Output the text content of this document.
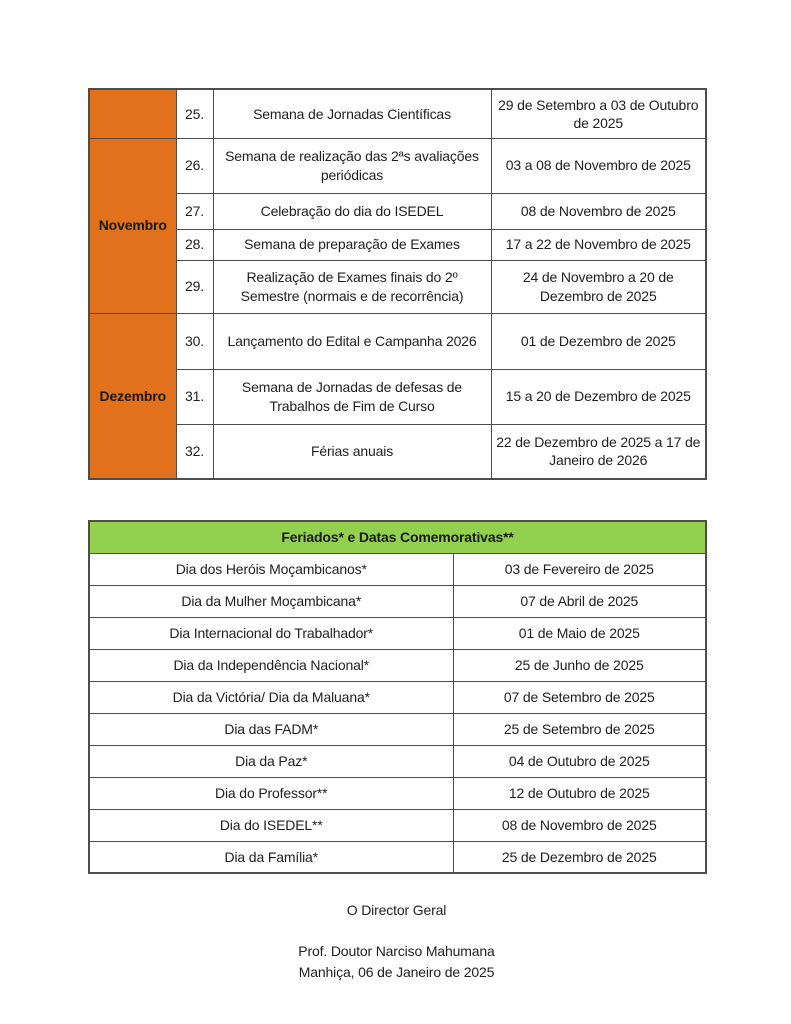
	25.	Semana de Jornadas Científicas	29 de Setembro a 03 de Outubro de 2025
Novembro	26.	Semana de realização das 2ªs avaliações periódicas	03 a 08 de Novembro de 2025
	27.	Celebração do dia do ISEDEL	08 de Novembro de 2025
	28.	Semana de preparação de Exames	17 a 22 de Novembro de 2025
	29.	Realização de Exames finais do 2º Semestre (normais e de recorrência)	24 de Novembro a 20 de Dezembro de 2025
Dezembro	30.	Lançamento do Edital e Campanha 2026	01 de Dezembro de 2025
	31.	Semana de Jornadas de defesas de Trabalhos de Fim de Curso	15 a 20 de Dezembro de 2025
	32.	Férias anuais	22 de Dezembro de 2025 a 17 de Janeiro de 2026
Feriados* e Datas Comemorativas**	
Dia dos Heróis Moçambicanos*	03 de Fevereiro de 2025
Dia da Mulher Moçambicana*	07 de Abril de 2025
Dia Internacional do Trabalhador*	01 de Maio de 2025
Dia da Independência Nacional*	25 de Junho de 2025
Dia da Victória/ Dia da Maluana*	07 de Setembro de 2025
Dia das FADM*	25 de Setembro de 2025
Dia da Paz*	04 de Outubro de 2025
Dia do Professor**	12 de Outubro de 2025
Dia do ISEDEL**	08 de Novembro de 2025
Dia da Família*	25 de Dezembro de 2025
O Director Geral
Prof. Doutor Narciso Mahumana
Manhiça, 06 de Janeiro de 2025
